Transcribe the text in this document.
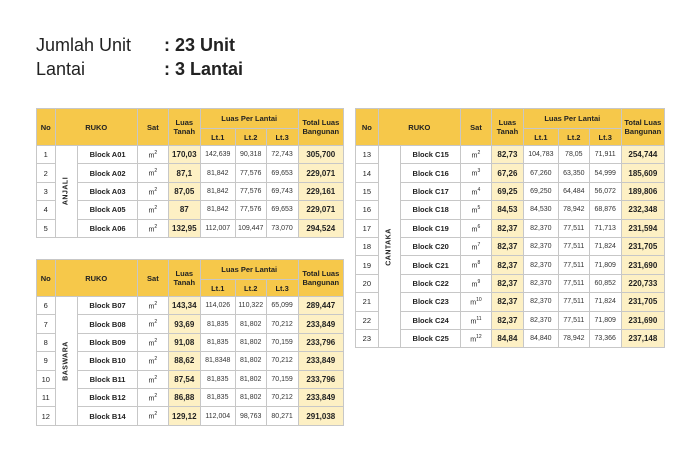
Jumlah Unit : 23 Unit
Lantai	: 3 Lantai
No	RUKO		Sat	Luas Tanah	Luas Per Lantai			Total Luas Bangunan
					Lt.1	Lt.2	Lt.3	
1	ANJALI	Block A01	$m^2$	170,03	142,639	90,318	72,743	305,700
2		Block A02	$m^2$	87,1	81,842	77,576	69,653	229,071
3		Block A03	$m^2$	87,05	81,842	77,576	69,743	229,161
4		Block A05	$m^2$	87	81,842	77,576	69,653	229,071
5		Block A06	$m^2$	132,95	112,007	109,447	73,070	294,524
No	RUKO		Sat	Luas Tanah	Luas Per Lantai			Total Luas Bangunan
					Lt.1	Lt.2	Lt.3	
6	BASWARA	Block B07	$m^2$	143,34	114,026	110,322	65,099	289,447
7		Block B08	$m^2$	93,69	81,835	81,802	70,212	233,849
8		Block B09	$m^2$	91,08	81,835	81,802	70,159	233,796
9		Block B10	$m^2$	88,62	81,8348	81,802	70,212	233,849
10		Block B11	$m^2$	87,54	81,835	81,802	70,159	233,796
11		Block B12	$m^2$	86,88	81,835	81,802	70,212	233,849
12		Block B14	$m^2$	129,12	112,004	98,763	80,271	291,038
No	RUKO		Sat	Luas Tanah	Luas Per Lantai			Total Luas Bangunan
					Lt.1	Lt.2	Lt.3	
13	CANTAKA	Block C15	$m^2$	82,73	104,783	78,05	71,911	254,744
14		Block C16	$m^3$	67,26	67,260	63,350	54,999	185,609
15		Block C17	$m^4$	69,25	69,250	64,484	56,072	189,806
16		Block C18	$m^5$	84,53	84,530	78,942	68,876	232,348
17		Block C19	$m^6$	82,37	82,370	77,511	71,713	231,594
18		Block C20	$m^7$	82,37	82,370	77,511	71,824	231,705
19		Block C21	$m^8$	82,37	82,370	77,511	71,809	231,690
20		Block C22	$m^9$	82,37	82,370	77,511	60,852	220,733
21		Block C23	$m^{10}$	82,37	82,370	77,511	71,824	231,705
22		Block C24	$m^{11}$	82,37	82,370	77,511	71,809	231,690
23		Block C25	$m^{12}$	84,84	84,840	78,942	73,366	237,148
